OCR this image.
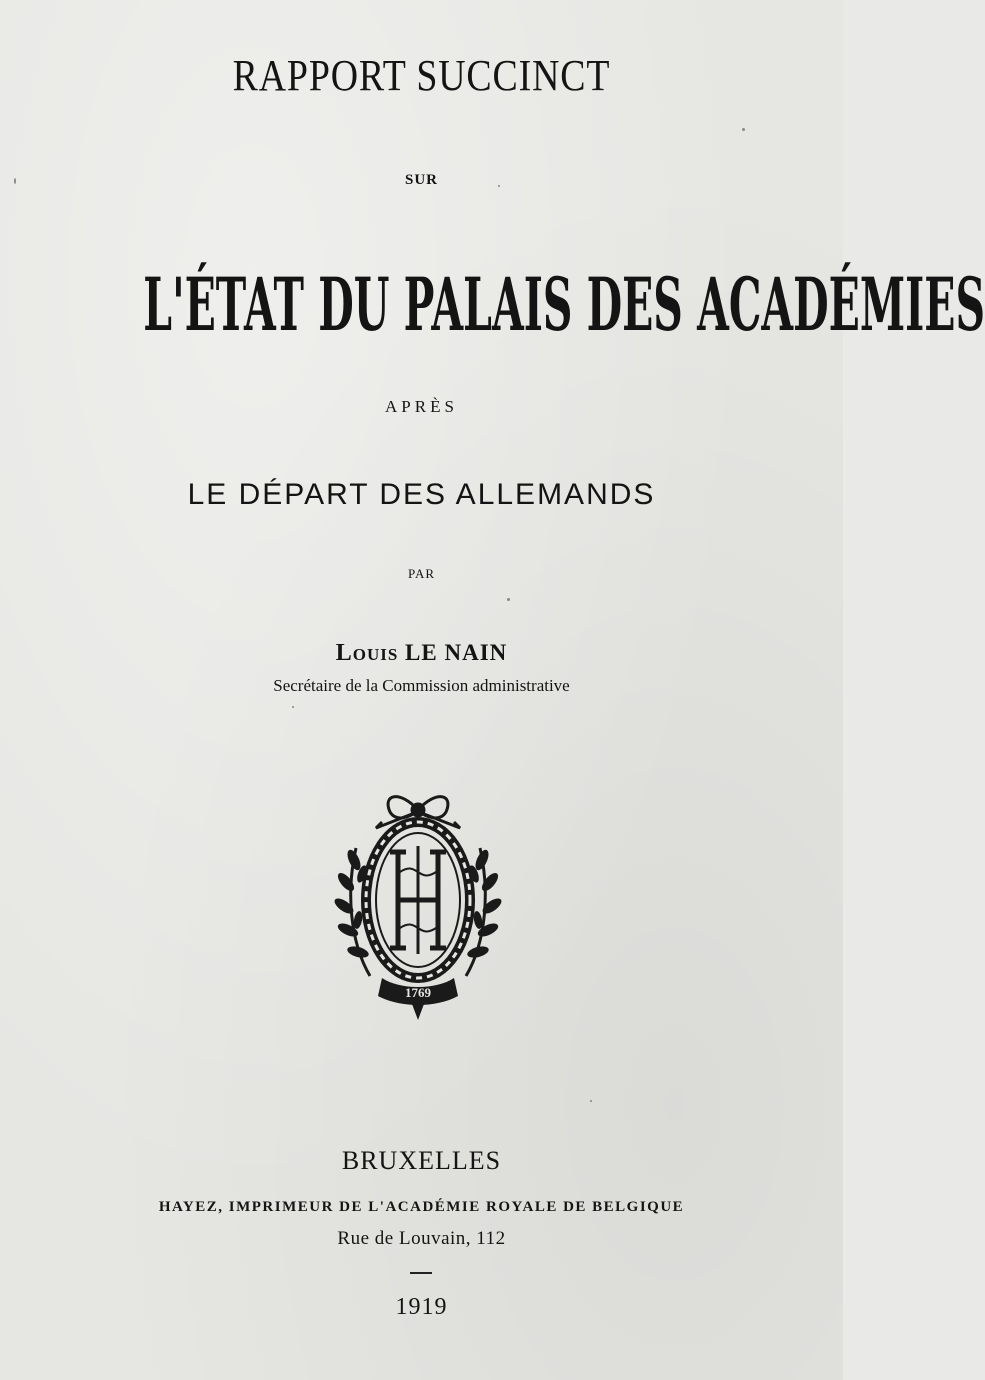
RAPPORT SUCCINCT
SUR
L'ÉTAT DU PALAIS DES ACADÉMIES
APRÈS
LE DÉPART DES ALLEMANDS
PAR
Louis LE NAIN
Secrétaire de la Commission administrative
1769
BRUXELLES
HAYEZ, IMPRIMEUR DE L'ACADÉMIE ROYALE DE BELGIQUE
Rue de Louvain, 112
1919
